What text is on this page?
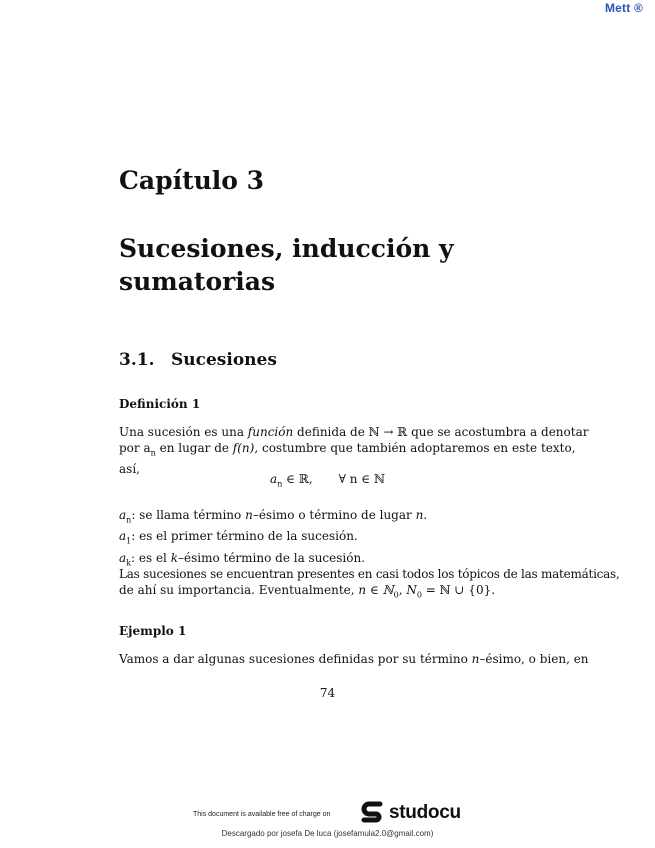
Mett ®
Capítulo 3
Sucesiones, inducción y
sumatorias
3.1. Sucesiones
Definición 1

Una sucesión es una función definida de ℕ → ℝ que se acostumbra a denotar

por $a_n$ en lugar de f(n), costumbre que también adoptaremos en este texto,

así,

$a_n$ ∈ ℝ, ∀ n ∈ ℕ

$a_n$: se llama término n–ésimo o término de lugar n.

$a_1$: es el primer término de la sucesión.

$a_k$: es el k–ésimo término de la sucesión.

Las sucesiones se encuentran presentes en casi todos los tópicos de las matemáticas,

de ahí su importancia. Eventualmente, n ∈ ℕ$_0$, $N_0$ = ℕ ∪ {0}.

Ejemplo 1

Vamos a dar algunas sucesiones definidas por su término n–ésimo, o bien, en

74
This document is available free of charge on	studocu
Descargado por josefa De luca (josefamula2.0@gmail.com)
